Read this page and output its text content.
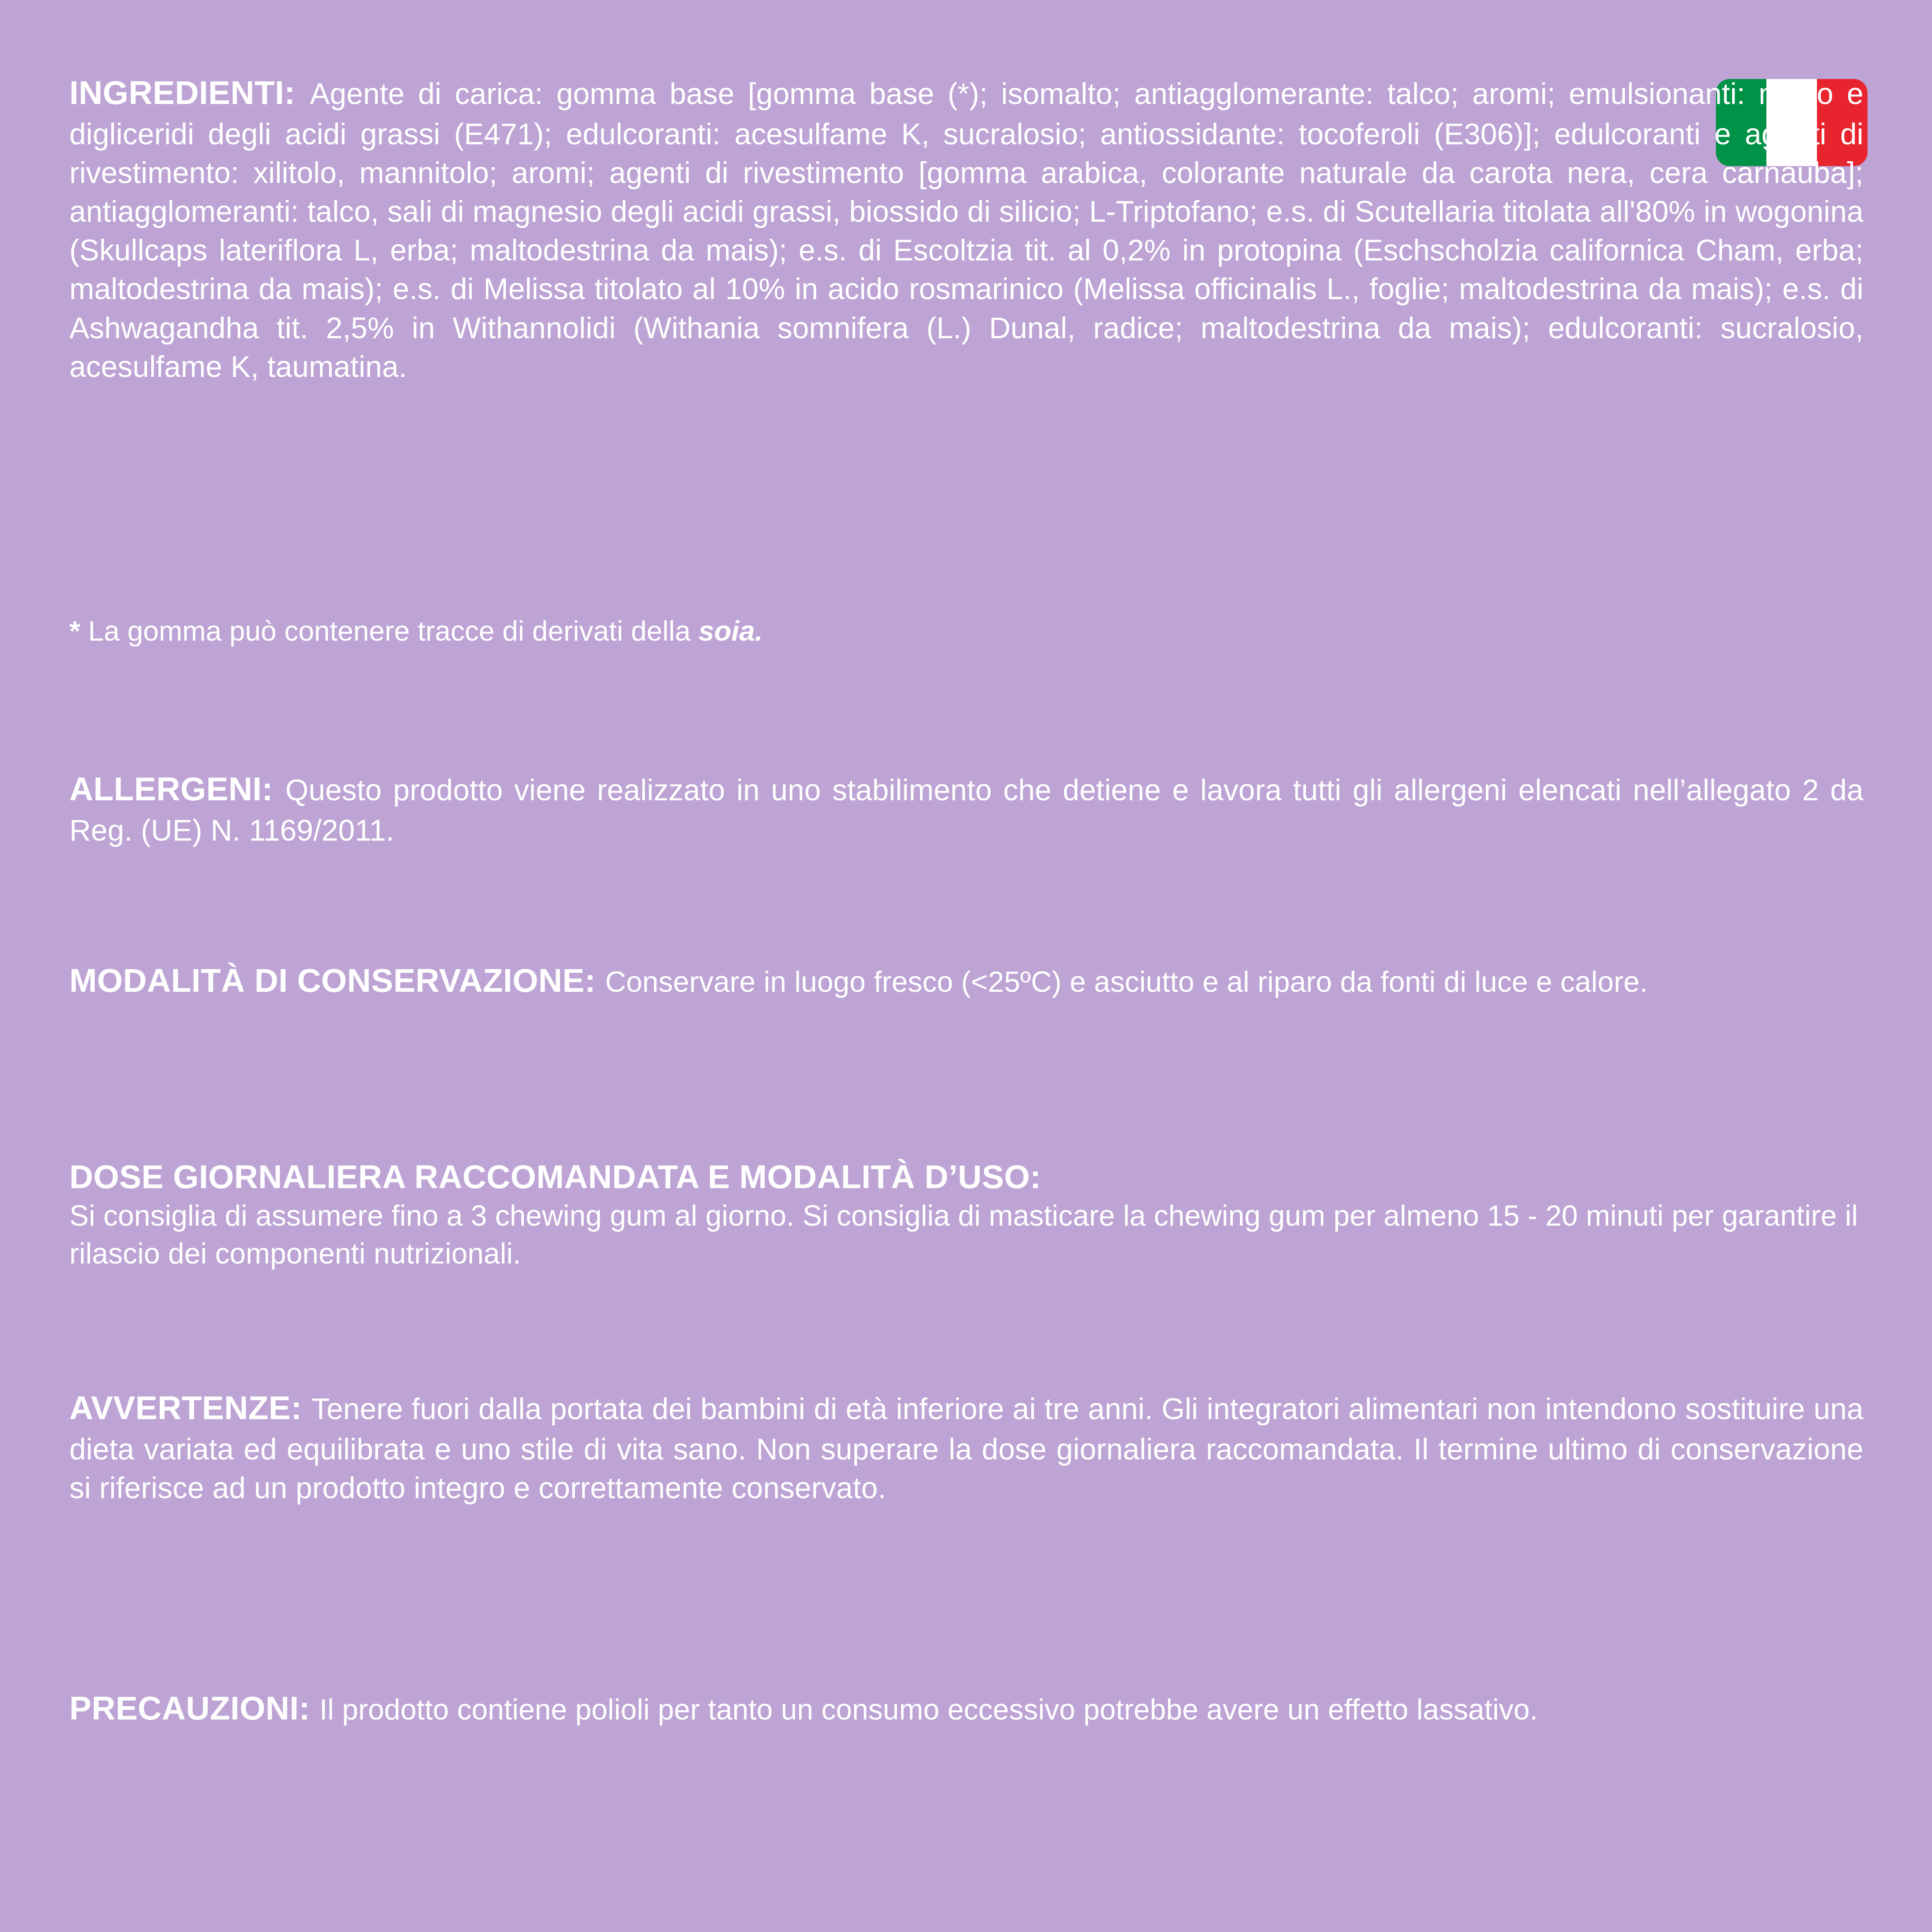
INGREDIENTI: Agente di carica: gomma base [gomma base (*); isomalto; antiagglomerante: talco; aromi; emulsionanti: mono e digliceridi degli acidi grassi (E471); edulcoranti: acesulfame K, sucralosio; antiossidante: tocoferoli (E306)]; edulcoranti e agenti di rivestimento: xilitolo, mannitolo; aromi; agenti di rivestimento [gomma arabica, colorante naturale da carota nera, cera carnauba]; antiagglomeranti: talco, sali di magnesio degli acidi grassi, biossido di silicio; L-Triptofano; e.s. di Scutellaria titolata all'80% in wogonina (Skullcaps lateriflora L, erba; maltodestrina da mais); e.s. di Escoltzia tit. al 0,2% in protopina (Eschscholzia californica Cham, erba; maltodestrina da mais); e.s. di Melissa titolato al 10% in acido rosmarinico (Melissa officinalis L., foglie; maltodestrina da mais); e.s. di Ashwagandha tit. 2,5% in Withannolidi (Withania somnifera (L.) Dunal, radice; maltodestrina da mais); edulcoranti: sucralosio, acesulfame K, taumatina.

* La gomma può contenere tracce di derivati della soia.

ALLERGENI: Questo prodotto viene realizzato in uno stabilimento che detiene e lavora tutti gli allergeni elencati nell’allegato 2 da Reg. (UE) N. 1169/2011.

MODALITÀ DI CONSERVAZIONE: Conservare in luogo fresco (<25ºC) e asciutto e al riparo da fonti di luce e calore.

DOSE GIORNALIERA RACCOMANDATA E MODALITÀ D’USO:

Si consiglia di assumere fino a 3 chewing gum al giorno. Si consiglia di masticare la chewing gum per almeno 15 - 20 minuti per garantire il rilascio dei componenti nutrizionali.

AVVERTENZE: Tenere fuori dalla portata dei bambini di età inferiore ai tre anni. Gli integratori alimentari non intendono sostituire una dieta variata ed equilibrata e uno stile di vita sano. Non superare la dose giornaliera raccomandata. Il termine ultimo di conservazione si riferisce ad un prodotto integro e correttamente conservato.

PRECAUZIONI: Il prodotto contiene polioli per tanto un consumo eccessivo potrebbe avere un effetto lassativo.
